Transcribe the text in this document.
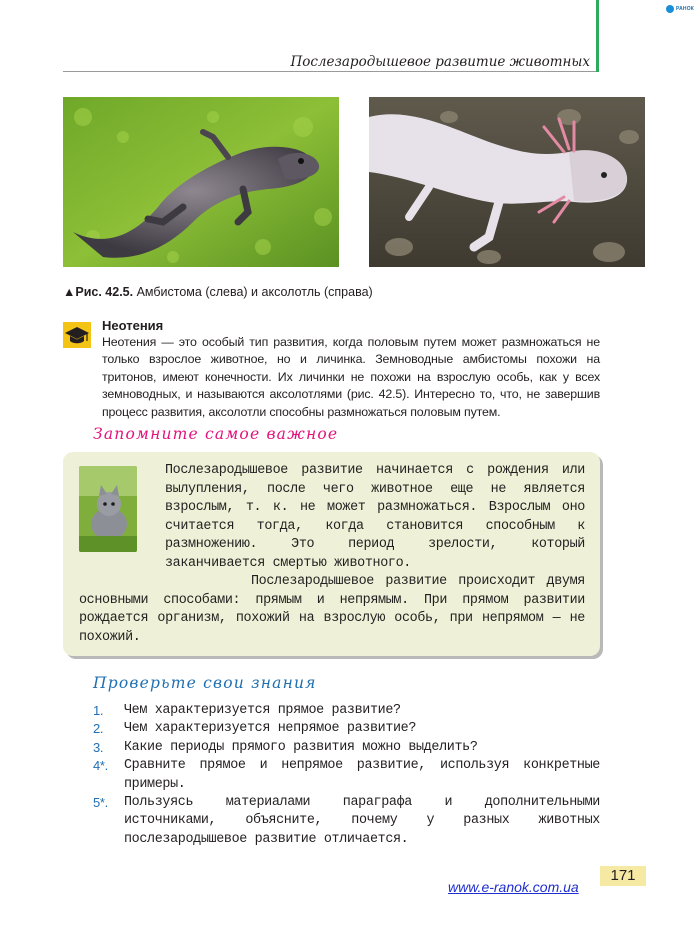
РАНОК
Послезародышевое развитие животных
▲Рис. 42.5. Амбистома (слева) и аксолотль (справа)
Неотения
Неотения — это особый тип развития, когда половым путем может размножаться не только взрослое животное, но и личинка. Земноводные амбистомы похожи на тритонов, имеют конечности. Их личинки не похожи на взрослую особь, как у всех земноводных, и называются аксолотлями (рис. 42.5). Интересно то, что, не завершив процесс развития, аксолотли способны размножаться половым путем.
Запомните самое важное

Послезародышевое развитие начинается с рождения или вылупления, после чего животное еще не является взрослым, т. к. не может размножаться. Взрослым оно считается тогда, когда становится способным к размножению. Это период зрелости, который заканчивается смертью животного.

Послезародышевое развитие происходит двумя основными способами: прямым и непрямым. При прямом развитии рождается организм, похожий на взрослую особь, при непрямом — не похожий.

Проверьте свои знания
1.	Чем характеризуется прямое развитие?
2.	Чем характеризуется непрямое развитие?
3.	Какие периоды прямого развития можно выделить?
4*.	Сравните прямое и непрямое развитие, используя конкретные примеры.
5*.	Пользуясь материалами параграфа и дополнительными источниками, объясните, почему у разных животных послезародышевое развитие отличается.
www.e-ranok.com.ua
171
